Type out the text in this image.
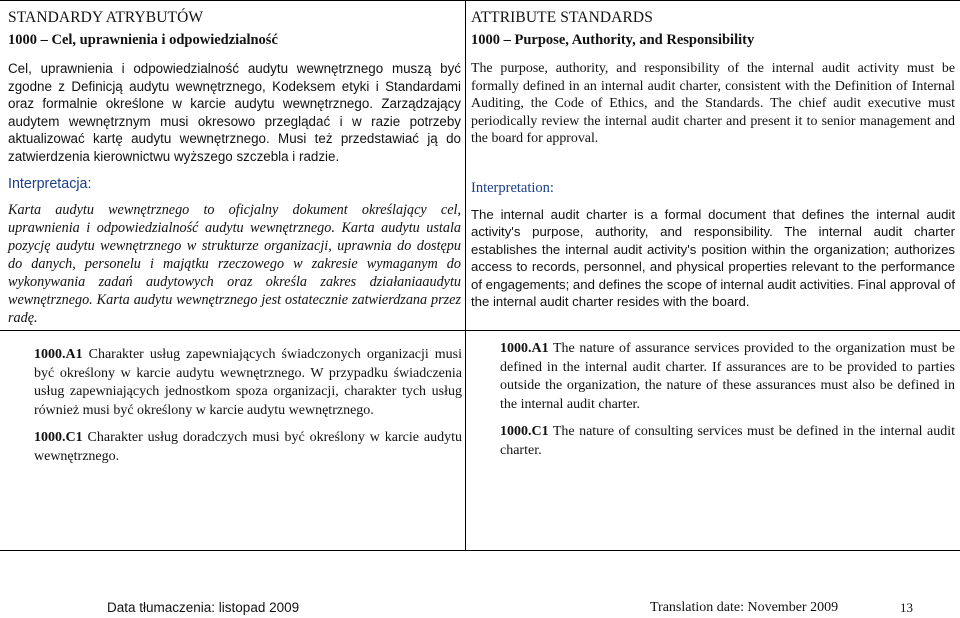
STANDARDY ATRYBUTÓW

1000 – Cel, uprawnienia i odpowiedzialność

Cel, uprawnienia i odpowiedzialność audytu wewnętrznego muszą być zgodne z Definicją audytu wewnętrznego, Kodeksem etyki i Standardami oraz formalnie określone w karcie audytu wewnętrznego. Zarządzający audytem wewnętrznym musi okresowo przeglądać i w razie potrzeby aktualizować kartę audytu wewnętrznego. Musi też przedstawiać ją do zatwierdzenia kierownictwu wyższego szczebla i radzie.

Interpretacja:

Karta audytu wewnętrznego to oficjalny dokument określający cel, uprawnienia i odpowiedzialność audytu wewnętrznego. Karta audytu ustala pozycję audytu wewnętrznego w strukturze organizacji, uprawnia do dostępu do danych, personelu i majątku rzeczowego w zakresie wymaganym do wykonywania zadań audytowych oraz określa zakres działaniaaudytu wewnętrznego. Karta audytu wewnętrznego jest ostatecznie zatwierdzana przez radę.

ATTRIBUTE STANDARDS

1000 – Purpose, Authority, and Responsibility

The purpose, authority, and responsibility of the internal audit activity must be formally defined in an internal audit charter, consistent with the Definition of Internal Auditing, the Code of Ethics, and the Standards. The chief audit executive must periodically review the internal audit charter and present it to senior management and the board for approval.

Interpretation:

The internal audit charter is a formal document that defines the internal audit activity's purpose, authority, and responsibility. The internal audit charter establishes the internal audit activity's position within the organization; authorizes access to records, personnel, and physical properties relevant to the performance of engagements; and defines the scope of internal audit activities. Final approval of the internal audit charter resides with the board.

1000.A1 Charakter usług zapewniających świadczonych organizacji musi być określony w karcie audytu wewnętrznego. W przypadku świadczenia usług zapewniających jednostkom spoza organizacji, charakter tych usług również musi być określony w karcie audytu wewnętrznego.

1000.C1 Charakter usług doradczych musi być określony w karcie audytu wewnętrznego.

1000.A1 The nature of assurance services provided to the organization must be defined in the internal audit charter. If assurances are to be provided to parties outside the organization, the nature of these assurances must also be defined in the internal audit charter.

1000.C1 The nature of consulting services must be defined in the internal audit charter.

Data tłumaczenia: listopad 2009	Translation date: November 2009	13
